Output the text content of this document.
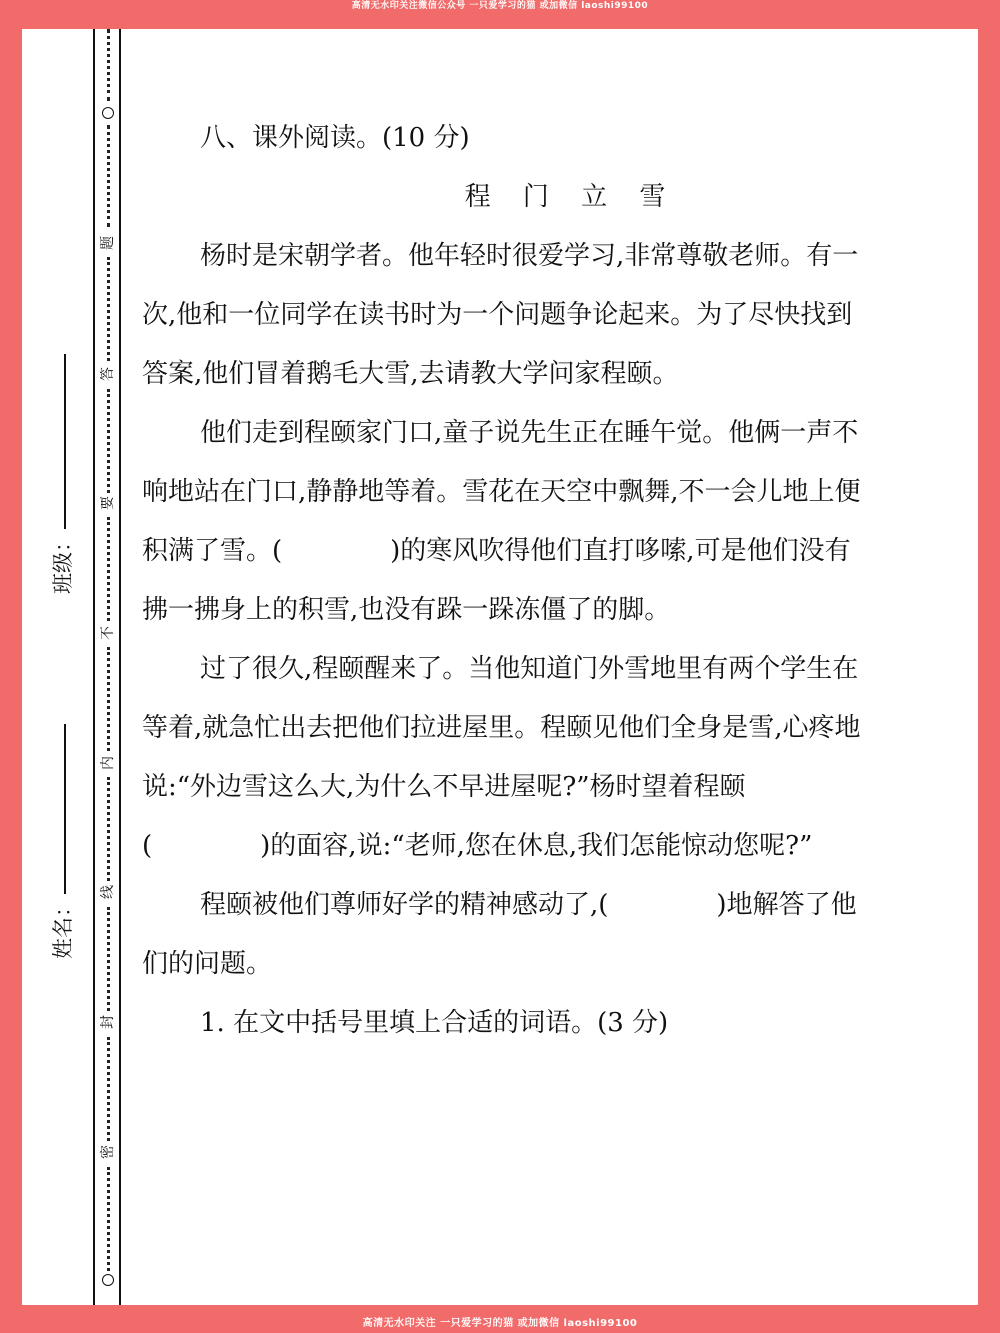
高清无水印关注微信公众号 一只爱学习的猫 或加微信 laoshi99100
题
答
要
不
内
线
封
密
班级：
姓名：
八、课外阅读。(10 分)
程 门 立 雪
杨时是宋朝学者。他年轻时很爱学习,非常尊敬老师。有一
次,他和一位同学在读书时为一个问题争论起来。为了尽快找到
答案,他们冒着鹅毛大雪,去请教大学问家程颐。
他们走到程颐家门口,童子说先生正在睡午觉。他俩一声不
响地站在门口,静静地等着。雪花在天空中飘舞,不一会儿地上便
积满了雪。(	)的寒风吹得他们直打哆嗦,可是他们没有
拂一拂身上的积雪,也没有跺一跺冻僵了的脚。
过了很久,程颐醒来了。当他知道门外雪地里有两个学生在
等着,就急忙出去把他们拉进屋里。程颐见他们全身是雪,心疼地
说:“外边雪这么大,为什么不早进屋呢?”杨时望着程颐
(	)的面容,说:“老师,您在休息,我们怎能惊动您呢?”
程颐被他们尊师好学的精神感动了,(	)地解答了他
们的问题。
1. 在文中括号里填上合适的词语。(3 分)
高清无水印关注 一只爱学习的猫 或加微信 laoshi99100
